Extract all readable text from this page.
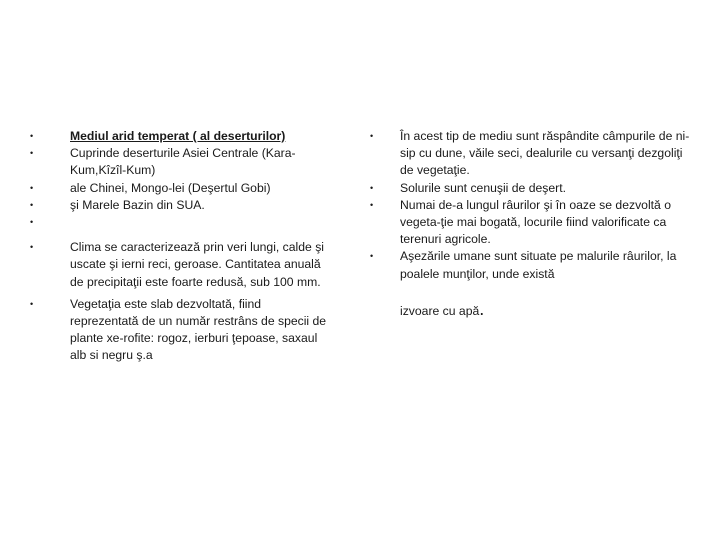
•	Mediul arid temperat ( al deserturilor)
•	Cuprinde deserturile Asiei Centrale (Kara-Kum,Kîzîl-Kum)
•	ale Chinei, Mongo-lei (Deşertul Gobi)
•	şi Marele Bazin din SUA.
•

•	Clima se caracterizează prin veri lungi, calde şi uscate şi ierni reci, geroase. Cantitatea anuală de precipitaţii este foarte redusă, sub 100 mm.
•	Vegetaţia este slab dezvoltată, fiind reprezentată de un număr restrâns de specii de plante xe-rofite: rogoz, ierburi ţepoase, saxaul alb si negru ş.a
• În acest tip de mediu sunt răspândite câmpurile de ni-sip cu dune, văile seci, dealurile cu versanţi dezgoliţi de vegetaţie.
• Solurile sunt cenuşii de deşert.
• Numai de-a lungul râurilor şi în oaze se dezvoltă o vegeta-ţie mai bogată, locurile fiind valorificate ca terenuri agricole.
• Aşezările umane sunt situate pe malurile râurilor, la poalele munţilor, unde există
izvoare cu apă.
